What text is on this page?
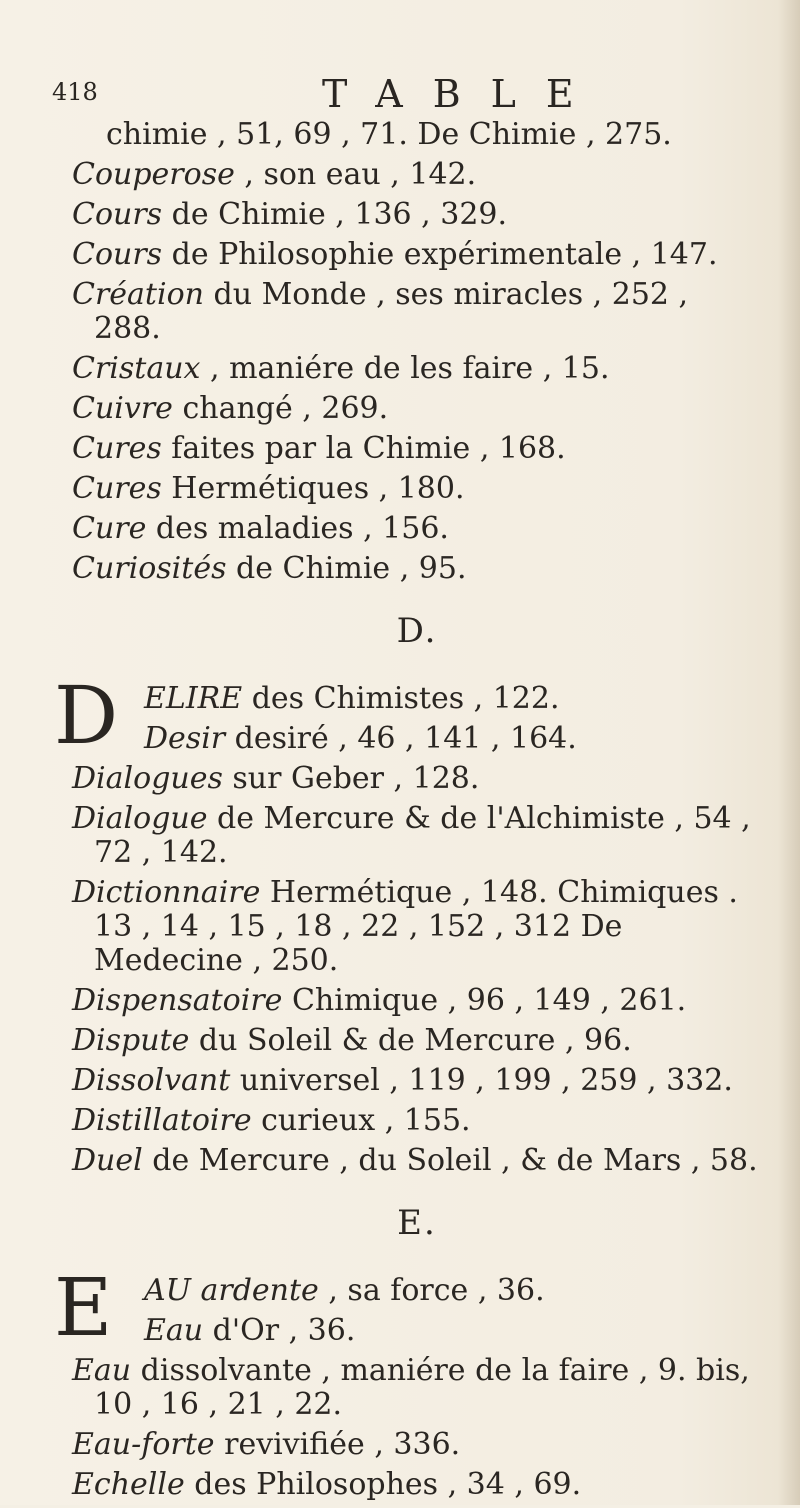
418	TABLE
chimie , 51, 69 , 71. De Chimie , 275.
Couperose , son eau , 142.
Cours de Chimie , 136 , 329.
Cours de Philosophie expérimentale , 147.
Création du Monde , ses miracles , 252 , 288.
Cristaux , maniére de les faire , 15.
Cuivre changé , 269.
Cures faites par la Chimie , 168.
Cures Hermétiques , 180.
Cure des maladies , 156.
Curiosités de Chimie , 95.
D.
D ELIRE des Chimistes , 122.
Desir desiré , 46 , 141 , 164.
Dialogues sur Geber , 128.
Dialogue de Mercure & de l'Alchimiste , 54 , 72 , 142.
Dictionnaire Hermétique , 148. Chimiques . 13 , 14 , 15 , 18 , 22 , 152 , 312 De Medecine , 250.
Dispensatoire Chimique , 96 , 149 , 261.
Dispute du Soleil & de Mercure , 96.
Dissolvant universel , 119 , 199 , 259 , 332.
Distillatoire curieux , 155.
Duel de Mercure , du Soleil , & de Mars , 58.
E.
E AU ardente , sa force , 36.
Eau d'Or , 36.
Eau dissolvante , maniére de la faire , 9. bis, 10 , 16 , 21 , 22.
Eau-forte revivifiée , 336.
Echelle des Philosophes , 34 , 69.
